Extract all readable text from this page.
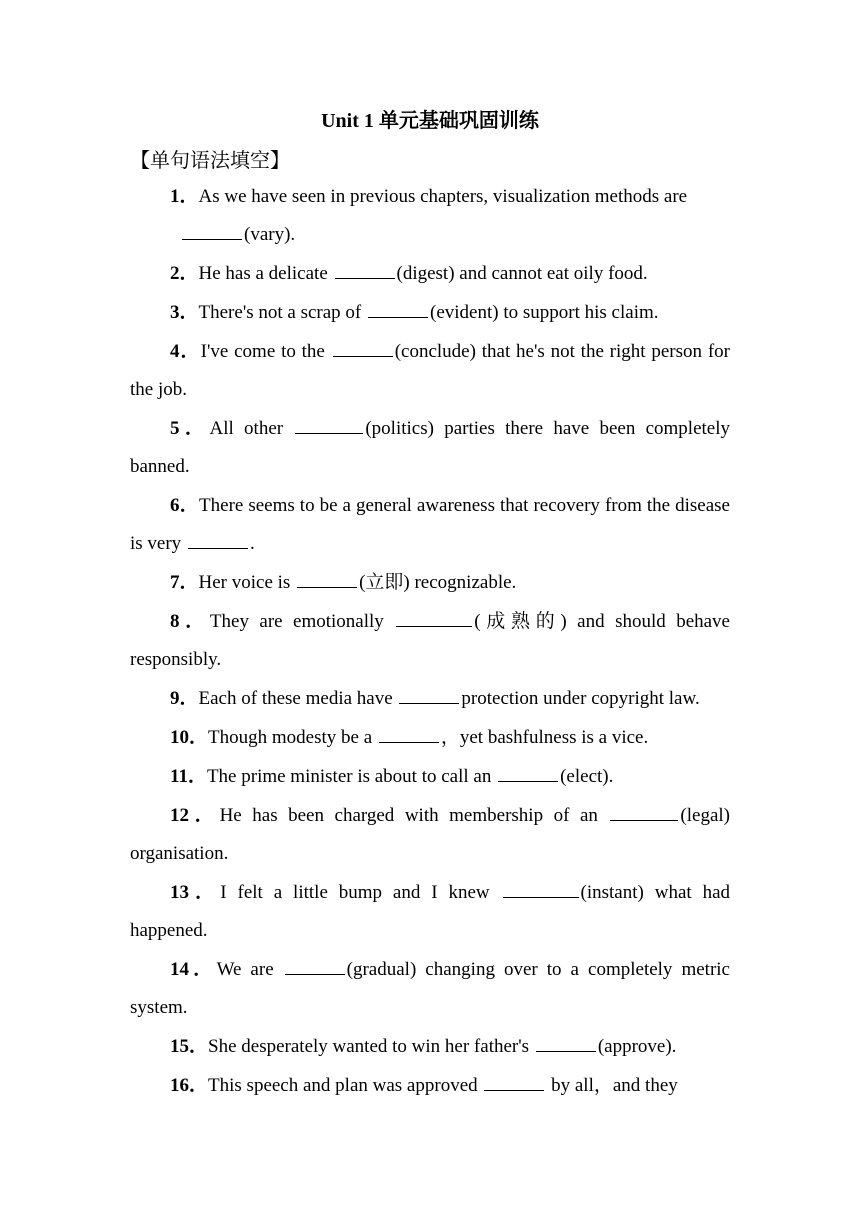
Unit 1 单元基础巩固训练
【单句语法填空】
1．As we have seen in previous chapters, visualization methods are
(vary).
2．He has a delicate	(digest) and cannot eat oily food.
3．There's not a scrap of	(evident) to support his claim.
4．I've come to the	(conclude) that he's not the right person for the job.
5．All other	(politics) parties there have been completely banned.
6．There seems to be a general awareness that recovery from the disease is very	.
7．Her voice is	(立即) recognizable.
8．They are emotionally	(成熟的) and should behave responsibly.
9．Each of these media have	protection under copyright law.
10．Though modesty be a	，yet bashfulness is a vice.
11．The prime minister is about to call an	(elect).
12．He has been charged with membership of an	(legal) organisation.
13．I felt a little bump and I knew	(instant) what had happened.
14．We are	(gradual) changing over to a completely metric system.
15．She desperately wanted to win her father's	(approve).
16．This speech and plan was approved	by all，and they
